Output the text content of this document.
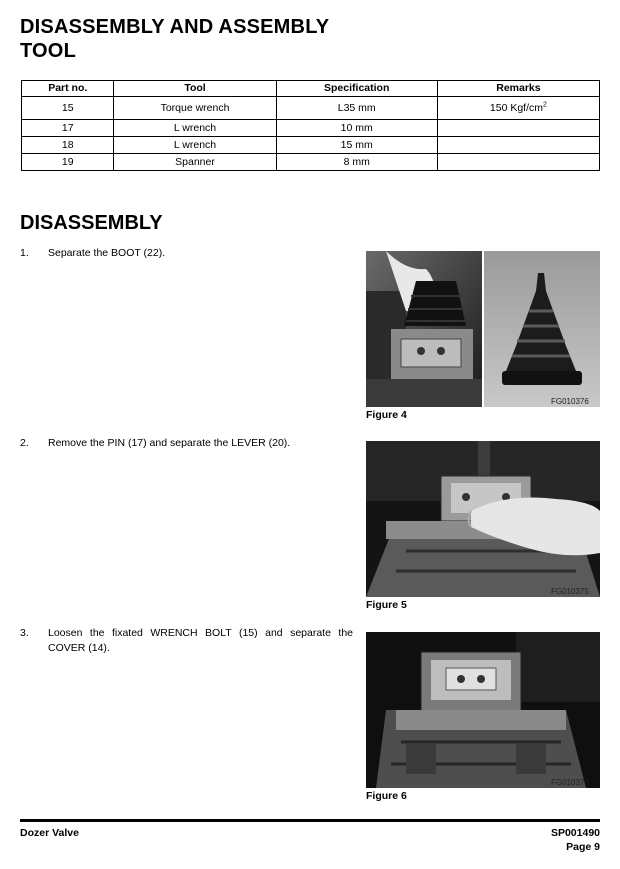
DISASSEMBLY AND ASSEMBLY
TOOL
Part no.	Tool	Specification	Remarks
15	Torque wrench	L35 mm	150 Kgf/$cm^2$
17	L wrench	10 mm	
18	L wrench	15 mm	
19	Spanner	8 mm	
DISASSEMBLY
1. Separate the BOOT (22).
FG010376
Figure 4
2. Remove the PIN (17) and separate the LEVER (20).
FG010375
Figure 5
3. Loosen the fixated WRENCH BOLT (15) and separate the COVER (14).
FG010377
Figure 6
Dozer Valve	SP001490
Page 9
